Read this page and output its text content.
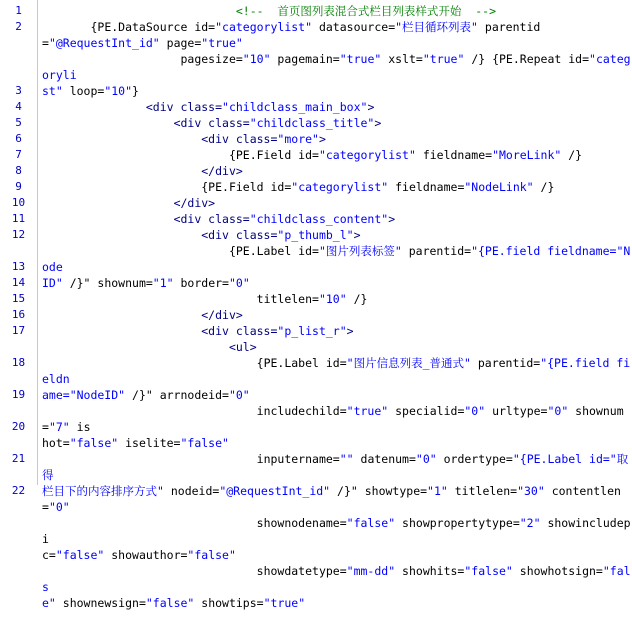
1
2
3
4
5
6
7
8
9
10
11
12
13
14
15
16
17
18
19
20
21
22
<!--  首页图列表混合式栏目列表样式开始  -->
{PE.DataSource id="categorylist" datasource="栏目循环列表" parentid
="@RequestInt_id" page="true"
pagesize="10" pagemain="true" xslt="true" /} {PE.Repeat id="categoryli
st" loop="10"}
<div class="childclass_main_box">
<div class="childclass_title">
<div class="more">
{PE.Field id="categorylist" fieldname="MoreLink" /}
</div>
{PE.Field id="categorylist" fieldname="NodeLink" /}
</div>
<div class="childclass_content">
<div class="p_thumb_l">
{PE.Label id="图片列表标签" parentid="{PE.field fieldname="Node
ID" /}" shownum="1" border="0"
titlelen="10" /}
</div>
<div class="p_list_r">
<ul>
{PE.Label id="图片信息列表_普通式" parentid="{PE.field fieldn
ame="NodeID" /}" arrnodeid="0"
includechild="true" specialid="0" urltype="0" shownum="7" is
hot="false" iselite="false"
inputername="" datenum="0" ordertype="{PE.Label id="取得
栏目下的内容排序方式" nodeid="@RequestInt_id" /}" showtype="1" titlelen="30" contentlen="0"
shownodename="false" showpropertytype="2" showincludepi
c="false" showauthor="false"
showdatetype="mm-dd" showhits="false" showhotsign="fals
e" shownewsign="false" showtips="true"
